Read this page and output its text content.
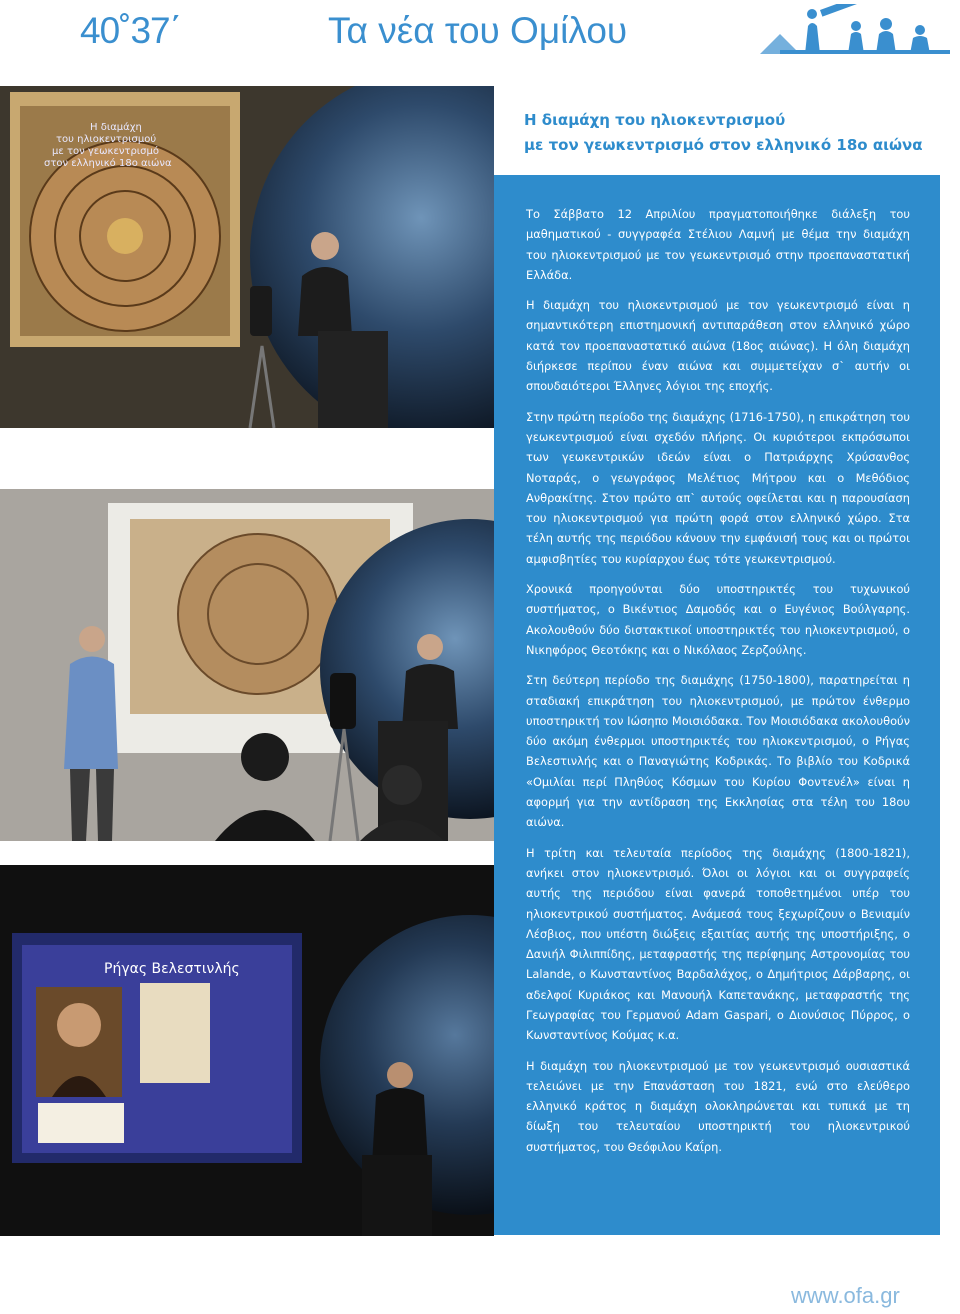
40˚37΄	Τα νέα του Ομίλου
Η διαμάχη
του ηλιοκεντρισμού
με τον γεωκεντρισμό
στον ελληνικό 18ο αιώνα
Ρήγας Βελεστινλής
Η διαμάχη του ηλιοκεντρισμού
με τον γεωκεντρισμό στον ελληνικό 18ο αιώνα

Το Σάββατο 12 Απριλίου πραγματοποιήθηκε διάλεξη του μαθηματικού - συγγραφέα Στέλιου Λαμνή με θέμα την διαμάχη του ηλιοκεντρισμού με τον γεωκεντρισμό στην προεπαναστατική Ελλάδα.

Η διαμάχη του ηλιοκεντρισμού με τον γεωκεντρισμό είναι η σημαντικότερη επιστημονική αντιπαράθεση στον ελληνικό χώρο κατά τον προεπαναστατικό αιώνα (18ος αιώνας). Η όλη διαμάχη διήρκεσε περίπου έναν αιώνα και συμμετείχαν σ` αυτήν οι σπουδαιότεροι Έλληνες λόγιοι της εποχής.

Στην πρώτη περίοδο της διαμάχης (1716-1750), η επικράτηση του γεωκεντρισμού είναι σχεδόν πλήρης. Οι κυριότεροι εκπρόσωποι των γεωκεντρικών ιδεών είναι ο Πατριάρχης Χρύσανθος Νοταράς, ο γεωγράφος Μελέτιος Μήτρου και ο Μεθόδιος Ανθρακίτης. Στον πρώτο απ` αυτούς οφείλεται και η παρουσίαση του ηλιοκεντρισμού για πρώτη φορά στον ελληνικό χώρο. Στα τέλη αυτής της περιόδου κάνουν την εμφάνισή τους και οι πρώτοι αμφισβητίες του κυρίαρχου έως τότε γεωκεντρισμού.

Χρονικά προηγούνται δύο υποστηρικτές του τυχωνικού συστήματος, ο Βικέντιος Δαμοδός και ο Ευγένιος Βούλγαρης. Ακολουθούν δύο διστακτικοί υποστηρικτές του ηλιοκεντρισμού, ο Νικηφόρος Θεοτόκης και ο Νικόλαος Ζερζούλης.

Στη δεύτερη περίοδο της διαμάχης (1750-1800), παρατηρείται η σταδιακή επικράτηση του ηλιοκεντρισμού, με πρώτον ένθερμο υποστηρικτή τον Ιώσηπο Μοισιόδακα. Τον Μοισιόδακα ακολουθούν δύο ακόμη ένθερμοι υποστηρικτές του ηλιοκεντρισμού, ο Ρήγας Βελεστινλής και ο Παναγιώτης Κοδρικάς. Το βιβλίο του Κοδρικά «Ομιλίαι περί Πληθύος Κόσμων του Κυρίου Φοντενέλ» είναι η αφορμή για την αντίδραση της Εκκλησίας στα τέλη του 18ου αιώνα.

Η τρίτη και τελευταία περίοδος της διαμάχης (1800-1821), ανήκει στον ηλιοκεντρισμό. Όλοι οι λόγιοι και οι συγγραφείς αυτής της περιόδου είναι φανερά τοποθετημένοι υπέρ του ηλιοκεντρικού συστήματος. Ανάμεσά τους ξεχωρίζουν ο Βενιαμίν Λέσβιος, που υπέστη διώξεις εξαιτίας αυτής της υποστήριξης, ο Δανιήλ Φιλιππίδης, μεταφραστής της περίφημης Αστρονομίας του Lalande, ο Κωνσταντίνος Βαρδαλάχος, ο Δημήτριος Δάρβαρης, οι αδελφοί Κυριάκος και Μανουήλ Καπετανάκης, μεταφραστής της Γεωγραφίας του Γερμανού Adam Gaspari, ο Διονύσιος Πύρρος, ο Κωνσταντίνος Κούμας κ.α.

Η διαμάχη του ηλιοκεντρισμού με τον γεωκεντρισμό ουσιαστικά τελειώνει με την Επανάσταση του 1821, ενώ στο ελεύθερο ελληνικό κράτος η διαμάχη ολοκληρώνεται και τυπικά με τη δίωξη του τελευταίου υποστηρικτή του ηλιοκεντρικού συστήματος, του Θεόφιλου Καΐρη.

www.ofa.gr
